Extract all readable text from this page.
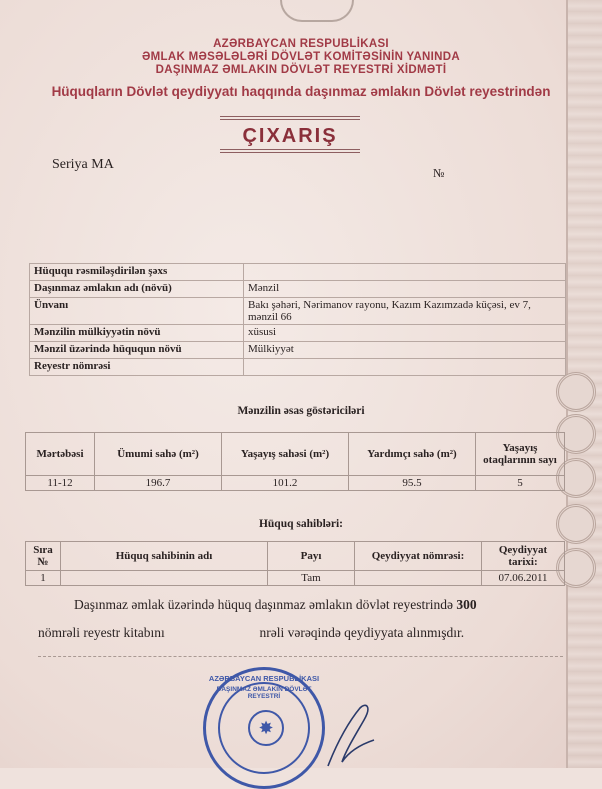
AZƏRBAYCAN RESPUBLİKASI
ƏMLAK MƏSƏLƏLƏRİ DÖVLƏT KOMİTƏSİNİN YANINDA
DAŞINMAZ ƏMLAKIN DÖVLƏT REYESTRİ XİDMƏTİ
Hüquqların Dövlət qeydiyyatı haqqında daşınmaz əmlakın Dövlət reyestrindən
ÇIXARIŞ
Seriya MA
№
Hüququ rəsmiləşdirilən şəxs	
Daşınmaz əmlakın adı (növü)	Mənzil
Ünvanı	Bakı şəhəri, Nərimanov rayonu, Kazım Kazımzadə küçəsi, ev 7, mənzil 66
Mənzilin mülkiyyətin növü	xüsusi
Mənzil üzərində hüququn növü	Mülkiyyət
Reyestr nömrəsi	
Mənzilin əsas göstəriciləri
Mərtəbəsi	Ümumi sahə (m²)	Yaşayış sahəsi (m²)	Yardımçı sahə (m²)	Yaşayış otaqlarının sayı
11-12	196.7	101.2	95.5	5
Hüquq sahibləri:
Sıra №	Hüquq sahibinin adı	Payı	Qeydiyyat nömrəsi:	Qeydiyyat tarixi:
1		Tam		07.06.2011
Daşınmaz əmlak üzərində hüquq daşınmaz əmlakın dövlət reyestrində 300
nömrəli reyestr kitabını	nrəli vərəqində qeydiyyata alınmışdır.
AZƏRBAYCAN RESPUBLİKASI
DAŞINMAZ ƏMLAKIN DÖVLƏT REYESTRİ
✸
